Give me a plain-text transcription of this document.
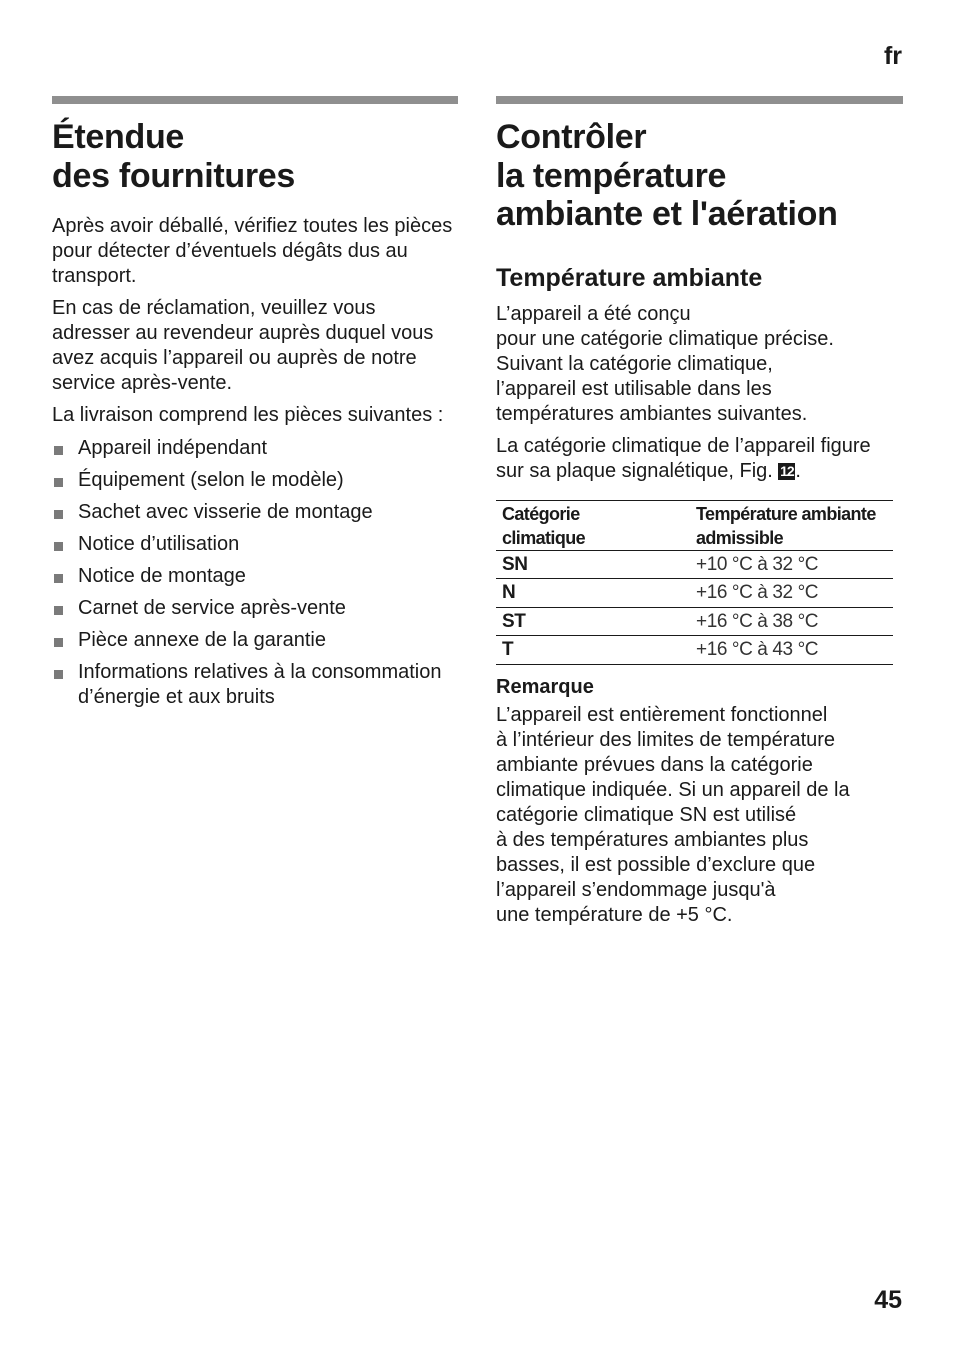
fr
Étendue
des fournitures

Après avoir déballé, vérifiez toutes les pièces pour détecter d’éventuels dégâts dus au transport.

En cas de réclamation, veuillez vous adresser au revendeur auprès duquel vous avez acquis l’appareil ou auprès de notre service après-vente.

La livraison comprend les pièces suivantes :

Appareil indépendant
Équipement (selon le modèle)
Sachet avec visserie de montage
Notice d’utilisation
Notice de montage
Carnet de service après-vente
Pièce annexe de la garantie
Informations relatives à la consommation d’énergie et aux bruits
Contrôler
la température
ambiante et l'aération
Température ambiante

L’appareil a été conçu
pour une catégorie climatique précise.
Suivant la catégorie climatique,
l’appareil est utilisable dans les
températures ambiantes suivantes.

La catégorie climatique de l’appareil figure sur sa plaque signalétique, Fig. 12.

Catégorie
climatique	Température ambiante
admissible

SN	+10 °C à 32 °C
N	+16 °C à 32 °C
ST	+16 °C à 38 °C
T	+16 °C à 43 °C
Remarque

L’appareil est entièrement fonctionnel
à l’intérieur des limites de température
ambiante prévues dans la catégorie
climatique indiquée. Si un appareil de la
catégorie climatique SN est utilisé
à des températures ambiantes plus
basses, il est possible d’exclure que
l’appareil s’endommage jusqu'à
une température de +5 °C.

45
